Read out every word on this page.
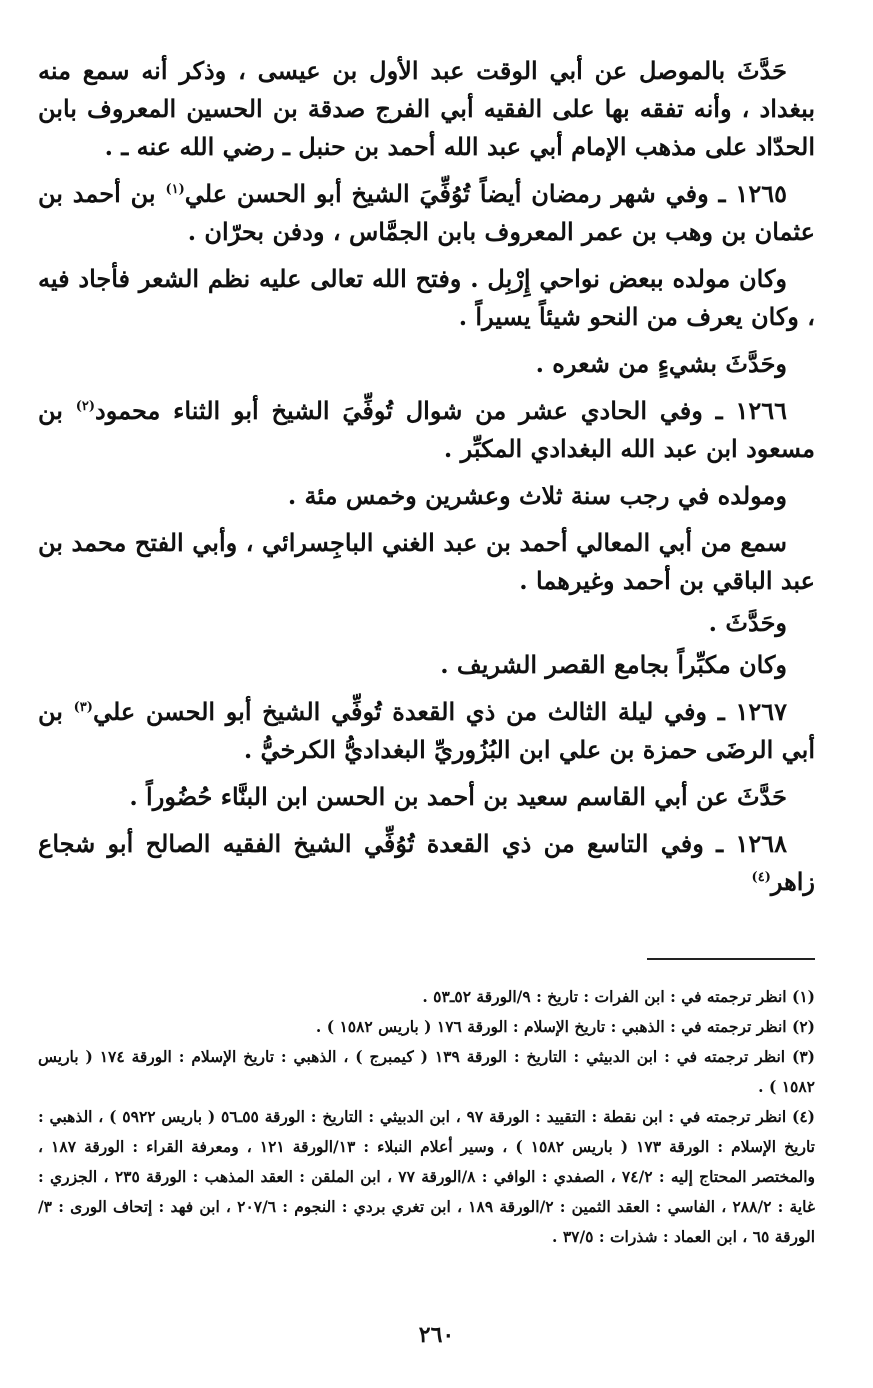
حَدَّثَ بالموصل عن أبي الوقت عبد الأول بن عيسى ، وذكر أنه سمع منه ببغداد ، وأنه تفقه بها على الفقيه أبي الفرج صدقة بن الحسين المعروف بابن الحدّاد على مذهب الإمام أبي عبد الله أحمد بن حنبل ـ رضي الله عنه ـ .

١٢٦٥ ـ وفي شهر رمضان أيضاً تُوُفِّيَ الشيخ أبو الحسن علي$^{(١)}$ بن أحمد بن عثمان بن وهب بن عمر المعروف بابن الجمَّاس ، ودفن بحرّان .

وكان مولده ببعض نواحي إِرْبِل . وفتح الله تعالى عليه نظم الشعر فأجاد فيه ، وكان يعرف من النحو شيئاً يسيراً .

وحَدَّثَ بشيءٍ من شعره .

١٢٦٦ ـ وفي الحادي عشر من شوال تُوفِّيَ الشيخ أبو الثناء محمود$^{(٢)}$ بن مسعود ابن عبد الله البغدادي المكبِّر .

ومولده في رجب سنة ثلاث وعشرين وخمس مئة .

سمع من أبي المعالي أحمد بن عبد الغني الباجِسرائي ، وأبي الفتح محمد بن عبد الباقي بن أحمد وغيرهما .

وحَدَّثَ .

وكان مكبِّراً بجامع القصر الشريف .

١٢٦٧ ـ وفي ليلة الثالث من ذي القعدة تُوفِّي الشيخ أبو الحسن علي$^{(٣)}$ بن أبي الرضَى حمزة بن علي ابن البُزُوريِّ البغداديُّ الكرخيُّ .

حَدَّثَ عن أبي القاسم سعيد بن أحمد بن الحسن ابن البنَّاء حُضُوراً .

١٢٦٨ ـ وفي التاسع من ذي القعدة تُوُفِّي الشيخ الفقيه الصالح أبو شجاع زاهر$^{(٤)}$

(١) انظر ترجمته في : ابن الفرات : تاريخ : ٩/الورقة ٥٢ـ٥٣ .

(٢) انظر ترجمته في : الذهبي : تاريخ الإسلام : الورقة ١٧٦ ( باريس ١٥٨٢ ) .

(٣) انظر ترجمته في : ابن الدبيثي : التاريخ : الورقة ١٣٩ ( كيمبرج ) ، الذهبي : تاريخ الإسلام : الورقة ١٧٤ ( باريس ١٥٨٢ ) .

(٤) انظر ترجمته في : ابن نقطة : التقييد : الورقة ٩٧ ، ابن الدبيثي : التاريخ : الورقة ٥٥ـ٥٦ ( باريس ٥٩٢٢ ) ، الذهبي : تاريخ الإسلام : الورقة ١٧٣ ( باريس ١٥٨٢ ) ، وسير أعلام النبلاء : ١٣/الورقة ١٢١ ، ومعرفة القراء : الورقة ١٨٧ ، والمختصر المحتاج إليه : ٧٤/٢ ، الصفدي : الوافي : ٨/الورقة ٧٧ ، ابن الملقن : العقد المذهب : الورقة ٢٣٥ ، الجزري : غاية : ٢٨٨/٢ ، الفاسي : العقد الثمين : ٢/الورقة ١٨٩ ، ابن تغري بردي : النجوم : ٢٠٧/٦ ، ابن فهد : إتحاف الورى : ٣/الورقة ٦٥ ، ابن العماد : شذرات : ٣٧/٥ .

٢٦٠
